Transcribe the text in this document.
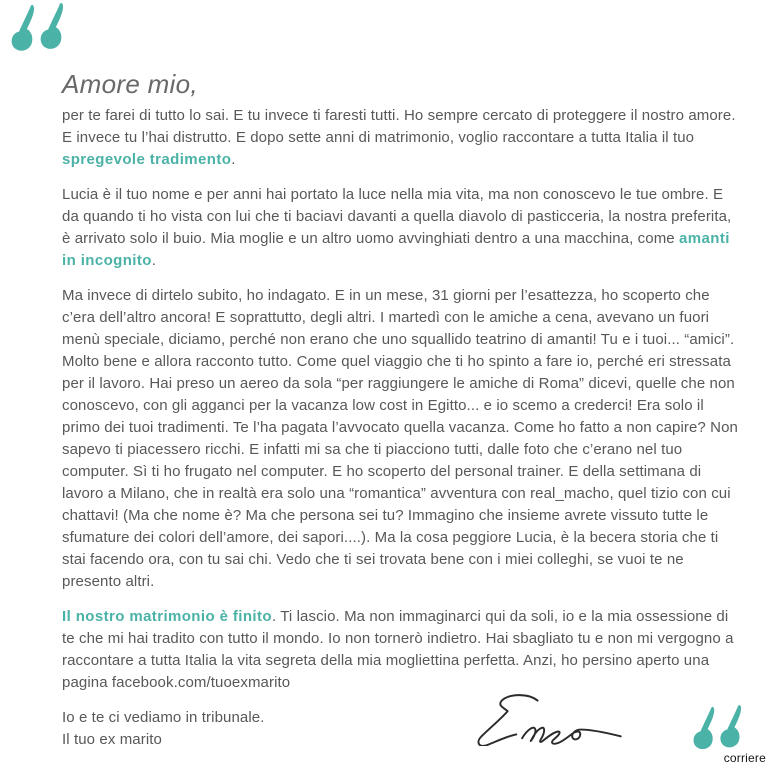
Amore mio,

per te farei di tutto lo sai. E tu invece ti faresti tutti. Ho sempre cercato di proteggere il nostro amore. E invece tu l’hai distrutto. E dopo sette anni di matrimonio, voglio raccontare a tutta Italia il tuo spregevole tradimento.

Lucia è il tuo nome e per anni hai portato la luce nella mia vita, ma non conoscevo le tue ombre. E da quando ti ho vista con lui che ti baciavi davanti a quella diavolo di pasticceria, la nostra preferita, è arrivato solo il buio. Mia moglie e un altro uomo avvinghiati dentro a una macchina, come amanti in incognito.

Ma invece di dirtelo subito, ho indagato. E in un mese, 31 giorni per l’esattezza, ho scoperto che c’era dell’altro ancora! E soprattutto, degli altri. I martedì con le amiche a cena, avevano un fuori menù speciale, diciamo, perché non erano che uno squallido teatrino di amanti! Tu e i tuoi... “amici”. Molto bene e allora racconto tutto. Come quel viaggio che ti ho spinto a fare io, perché eri stressata per il lavoro. Hai preso un aereo da sola “per raggiungere le amiche di Roma” dicevi, quelle che non conoscevo, con gli agganci per la vacanza low cost in Egitto... e io scemo a crederci! Era solo il primo dei tuoi tradimenti. Te l’ha pagata l’avvocato quella vacanza. Come ho fatto a non capire? Non sapevo ti piacessero ricchi. E infatti mi sa che ti piacciono tutti, dalle foto che c’erano nel tuo computer. Sì ti ho frugato nel computer. E ho scoperto del personal trainer. E della settimana di lavoro a Milano, che in realtà era solo una “romantica” avventura con real_macho, quel tizio con cui chattavi! (Ma che nome è? Ma che persona sei tu? Immagino che insieme avrete vissuto tutte le sfumature dei colori dell’amore, dei sapori....). Ma la cosa peggiore Lucia, è la becera storia che ti stai facendo ora, con tu sai chi. Vedo che ti sei trovata bene con i miei colleghi, se vuoi te ne presento altri.

Il nostro matrimonio è finito. Ti lascio. Ma non immaginarci qui da soli, io e la mia ossessione di te che mi hai tradito con tutto il mondo. Io non tornerò indietro. Hai sbagliato tu e non mi vergogno a raccontare a tutta Italia la vita segreta della mia mogliettina perfetta. Anzi, ho persino aperto una pagina facebook.com/tuoexmarito

Io e te ci vediamo in tribunale.
Il tuo ex marito
corriere
